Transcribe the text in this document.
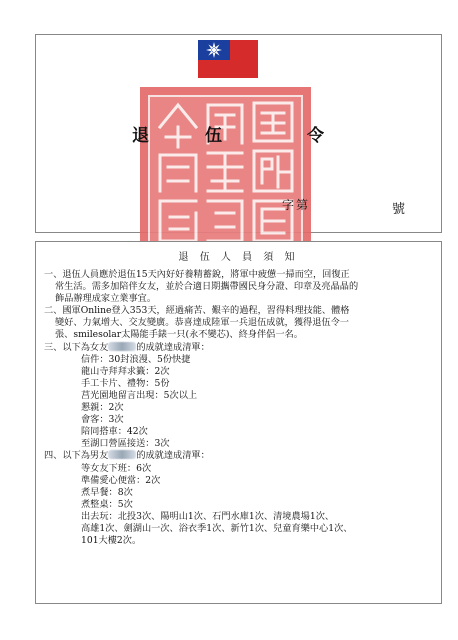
退	伍	令
字 第	號
退 伍 人 員 須 知
一、退伍人員應於退伍15天內好好養精蓄銳，將軍中疲憊一掃而空，回復正
常生活。需多加陪伴女友，並於合適日期攜帶國民身分證、印章及亮晶晶的
飾品辦理成家立業事宜。
二、國軍Online登入353天，經過痛苦、艱辛的過程，習得料理技能、體格
變好、力氣增大、交友變廣。恭喜達成陸軍一兵退伍成就，獲得退伍令一
張、smilesolar太陽能手錶一只(永不變芯)、終身伴侶一名。
三、以下為女友	的成就達成清單：
信件：30封浪漫、5份快捷
龍山寺拜拜求籤：2次
手工卡片、禮物：5份
莒光園地留言出現：5次以上
懇親：2次
會客：3次
陪同搭車：42次
至湖口營區接送：3次
四、以下為男友	的成就達成清單：
等女友下班：6次
準備愛心便當：2次
煮早餐：8次
煮整桌：5次
出去玩：北投3次、陽明山1次、石門水庫1次、清境農場1次、
高雄1次、劍湖山一次、浴衣季1次、新竹1次、兒童育樂中心1次、
101大樓2次。
